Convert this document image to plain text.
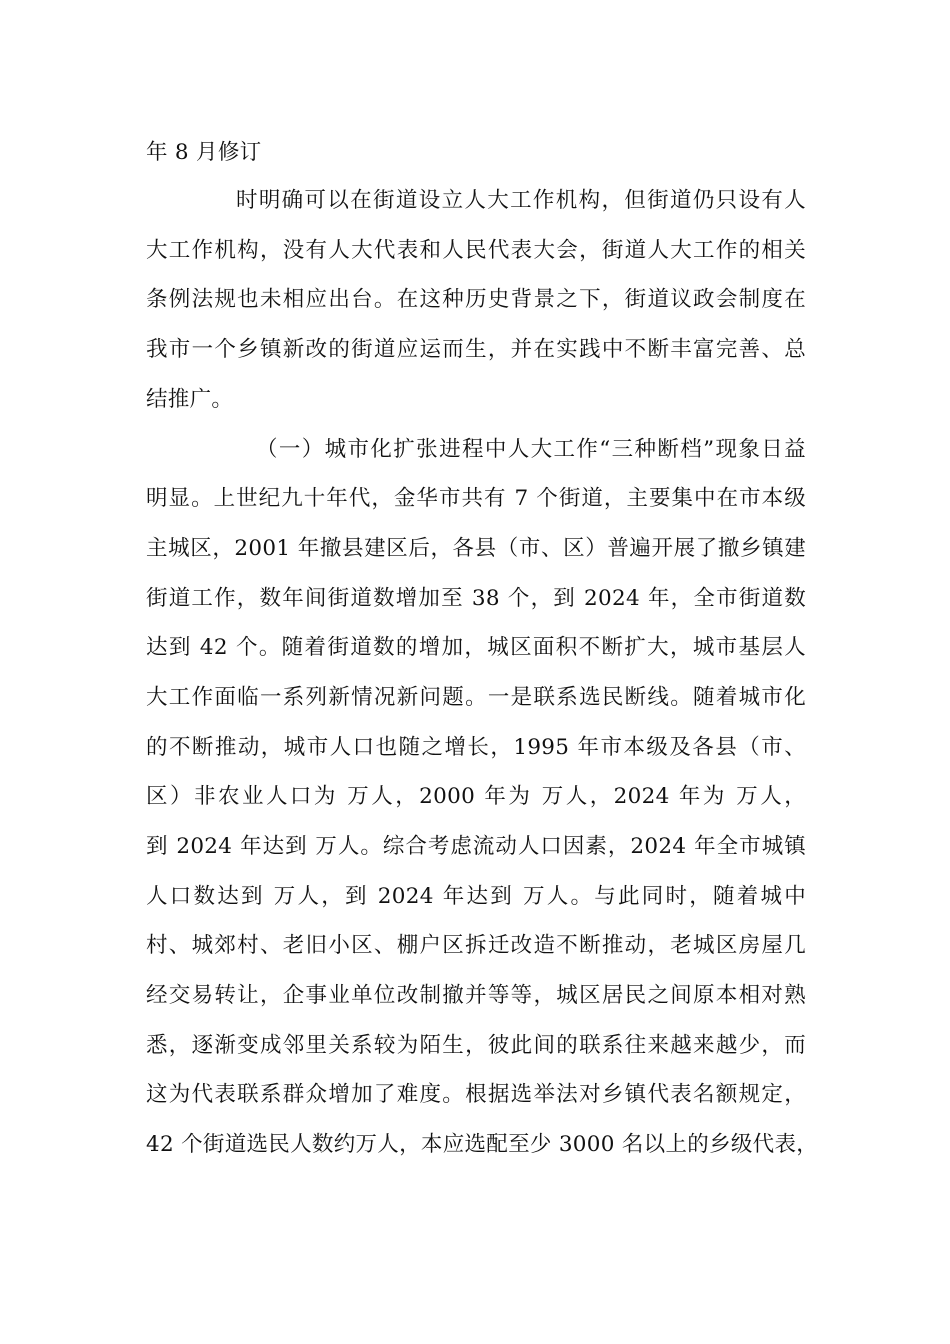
年 8 月修订
时明确可以在街道设立人大工作机构，但街道仍只设有人
大工作机构，没有人大代表和人民代表大会，街道人大工作的相关
条例法规也未相应出台。在这种历史背景之下，街道议政会制度在
我市一个乡镇新改的街道应运而生，并在实践中不断丰富完善、总
结推广。
（一）城市化扩张进程中人大工作“三种断档”现象日益
明显。上世纪九十年代，金华市共有 7 个街道，主要集中在市本级
主城区，2001 年撤县建区后，各县（市、区）普遍开展了撤乡镇建
街道工作，数年间街道数增加至 38 个，到 2024 年，全市街道数
达到 42 个。随着街道数的增加，城区面积不断扩大，城市基层人
大工作面临一系列新情况新问题。一是联系选民断线。随着城市化
的不断推动，城市人口也随之增长，1995 年市本级及各县（市、
区）非农业人口为 万人，2000 年为 万人，2024 年为 万人，
到 2024 年达到 万人。综合考虑流动人口因素，2024 年全市城镇
人口数达到 万人，到 2024 年达到 万人。与此同时，随着城中
村、城郊村、老旧小区、棚户区拆迁改造不断推动，老城区房屋几
经交易转让，企事业单位改制撤并等等，城区居民之间原本相对熟
悉，逐渐变成邻里关系较为陌生，彼此间的联系往来越来越少，而
这为代表联系群众增加了难度。根据选举法对乡镇代表名额规定，
42 个街道选民人数约万人，本应选配至少 3000 名以上的乡级代表，
